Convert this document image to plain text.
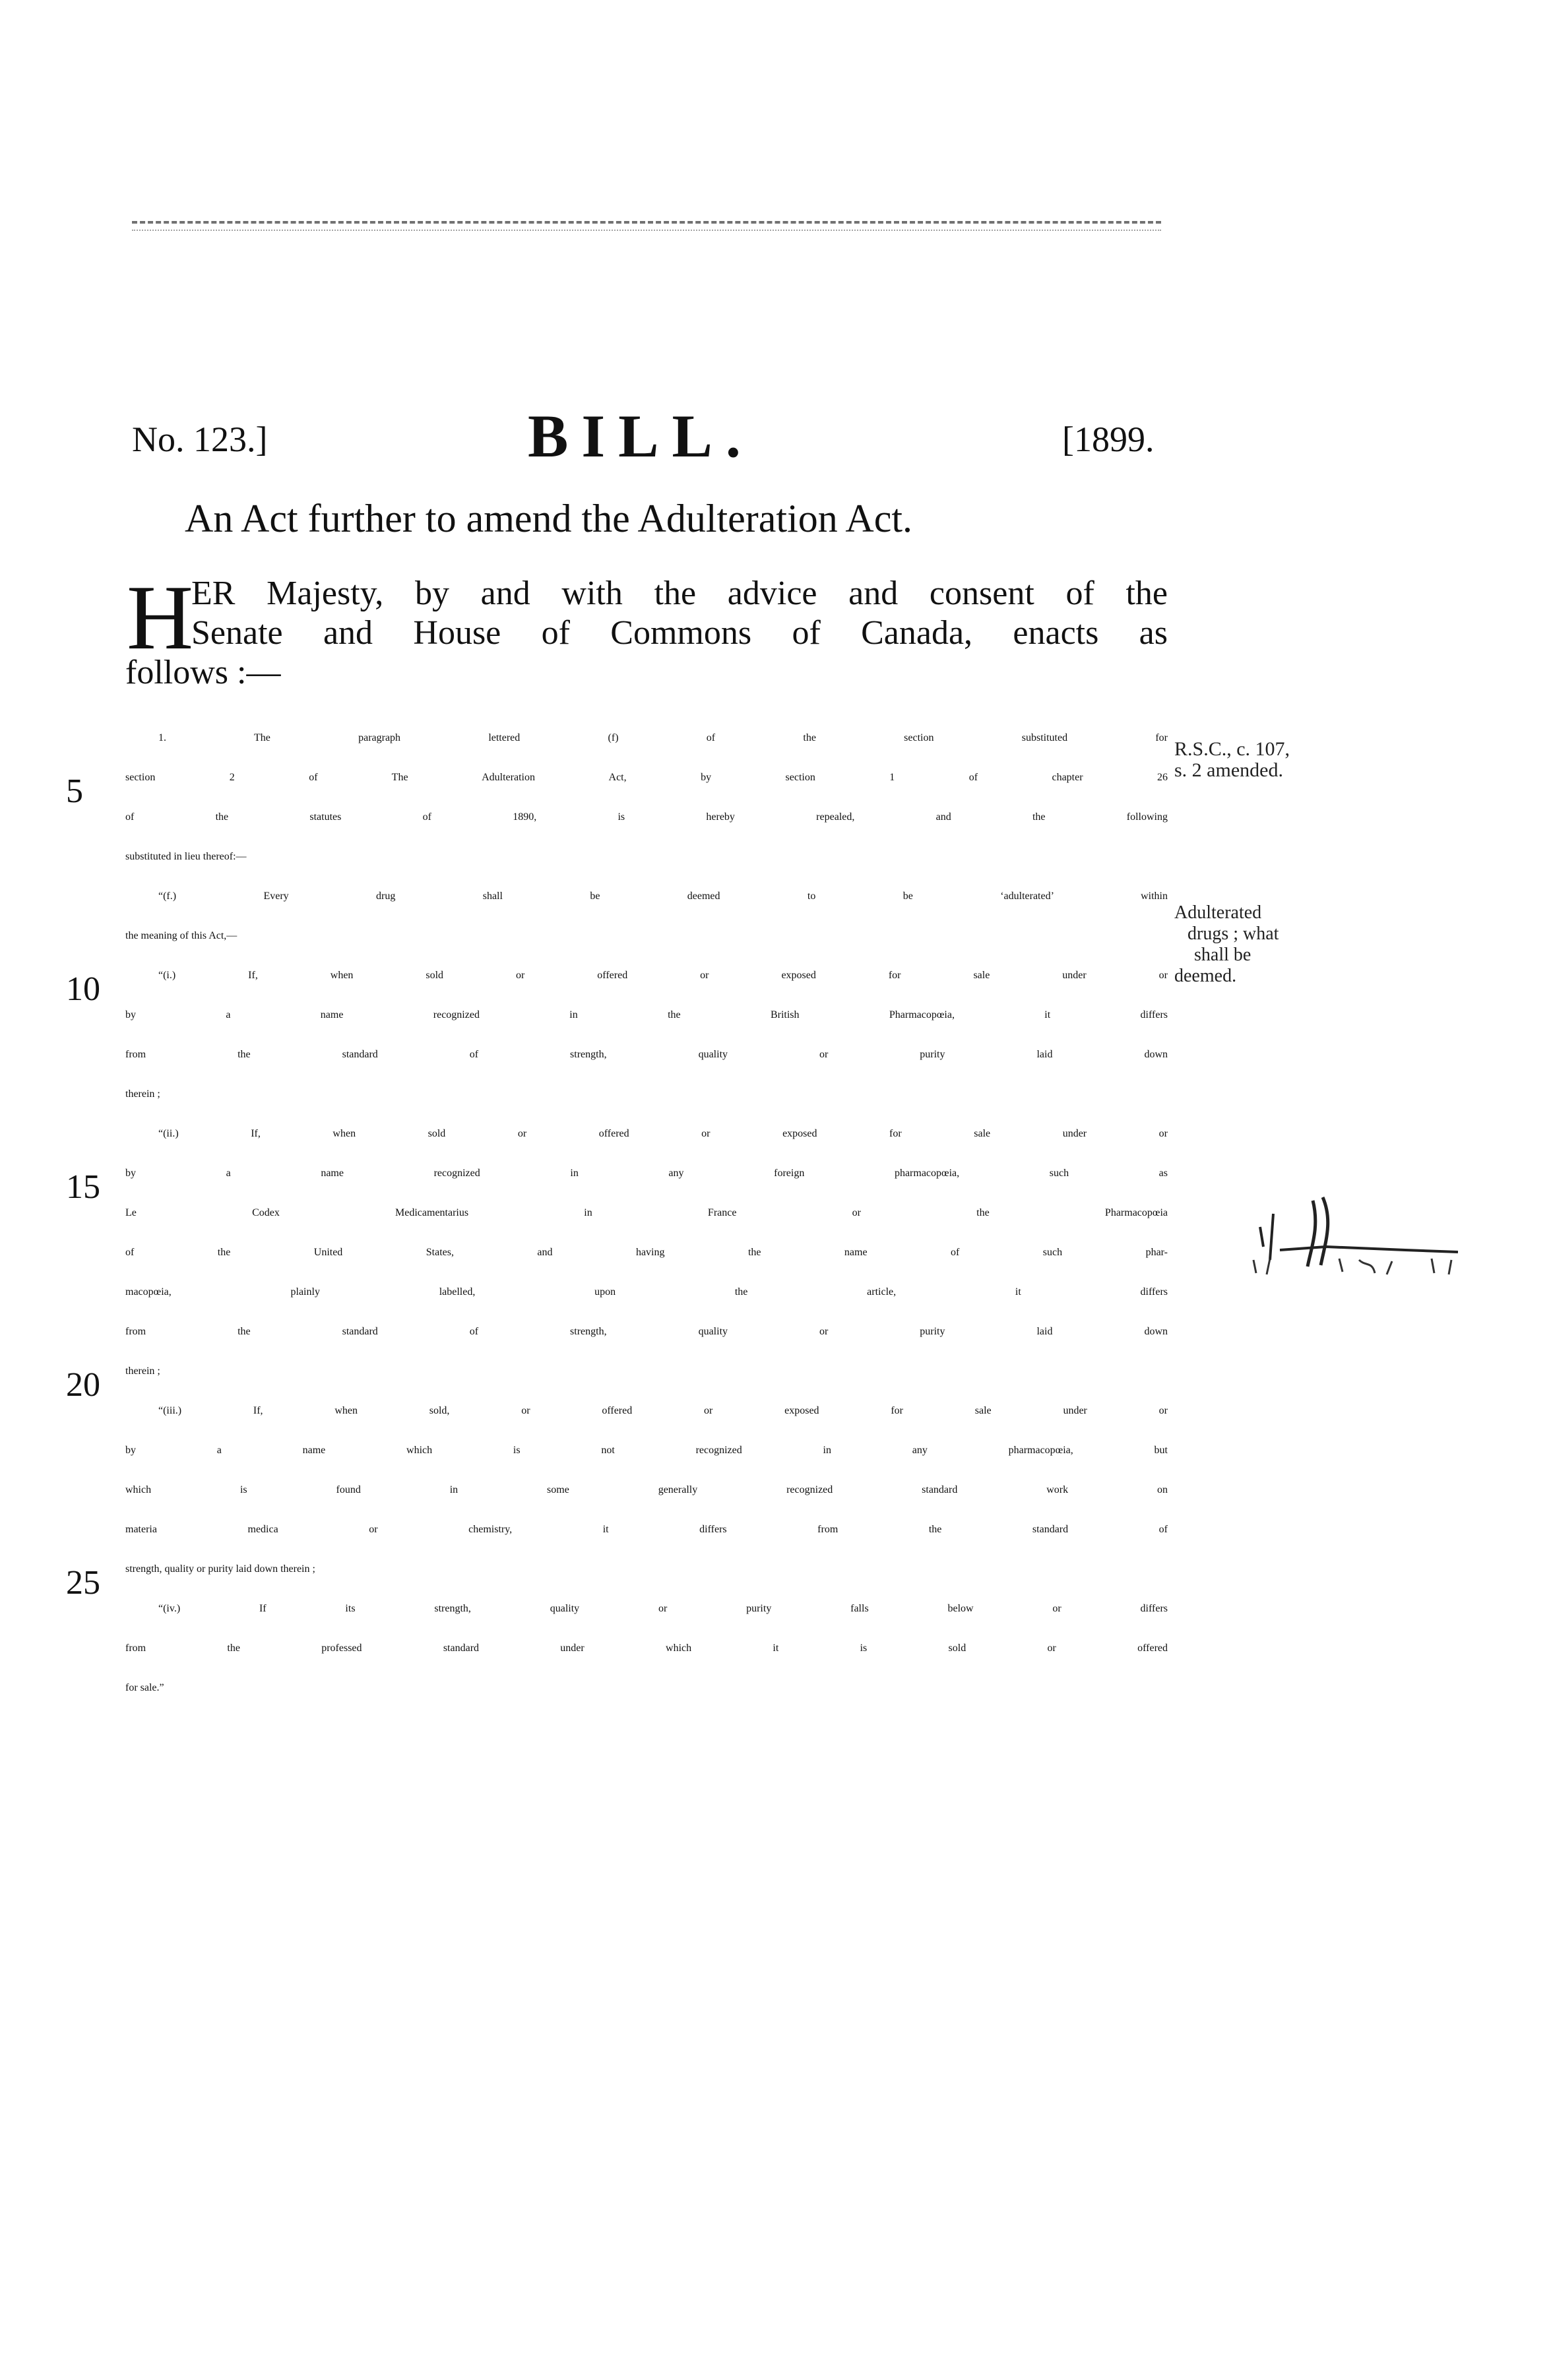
No. 123.]	BILL.	[1899.
An Act further to amend the Adulteration Act.
H
ER Majesty, by and with the advice and consent of the
Senate and House of Commons of Canada, enacts as
follows :—
1. The paragraph lettered (f) of the section substituted for
section 2 of The Adulteration Act, by section 1 of chapter 26
of the statutes of 1890, is hereby repealed, and the following
substituted in lieu thereof:—
“(f.) Every drug shall be deemed to be ‘adulterated’ within
the meaning of this Act,—
“(i.) If, when sold or offered or exposed for sale under or
by a name recognized in the British Pharmacopœia, it differs
from the standard of strength, quality or purity laid down
therein ;
“(ii.) If, when sold or offered or exposed for sale under or
by a name recognized in any foreign pharmacopœia, such as
Le Codex Medicamentarius in France or the Pharmacopœia
of the United States, and having the name of such phar-
macopœia, plainly labelled, upon the article, it differs
from the standard of strength, quality or purity laid down
therein ;
“(iii.) If, when sold, or offered or exposed for sale under or
by a name which is not recognized in any pharmacopœia, but
which is found in some generally recognized standard work on
materia medica or chemistry, it differs from the standard of
strength, quality or purity laid down therein ;
“(iv.) If its strength, quality or purity falls below or differs
from the professed standard under which it is sold or offered
for sale.”
5
10
15
20
25
R.S.C., c. 107,
s. 2 amended.
Adulterated
drugs ; what
shall be
deemed.
